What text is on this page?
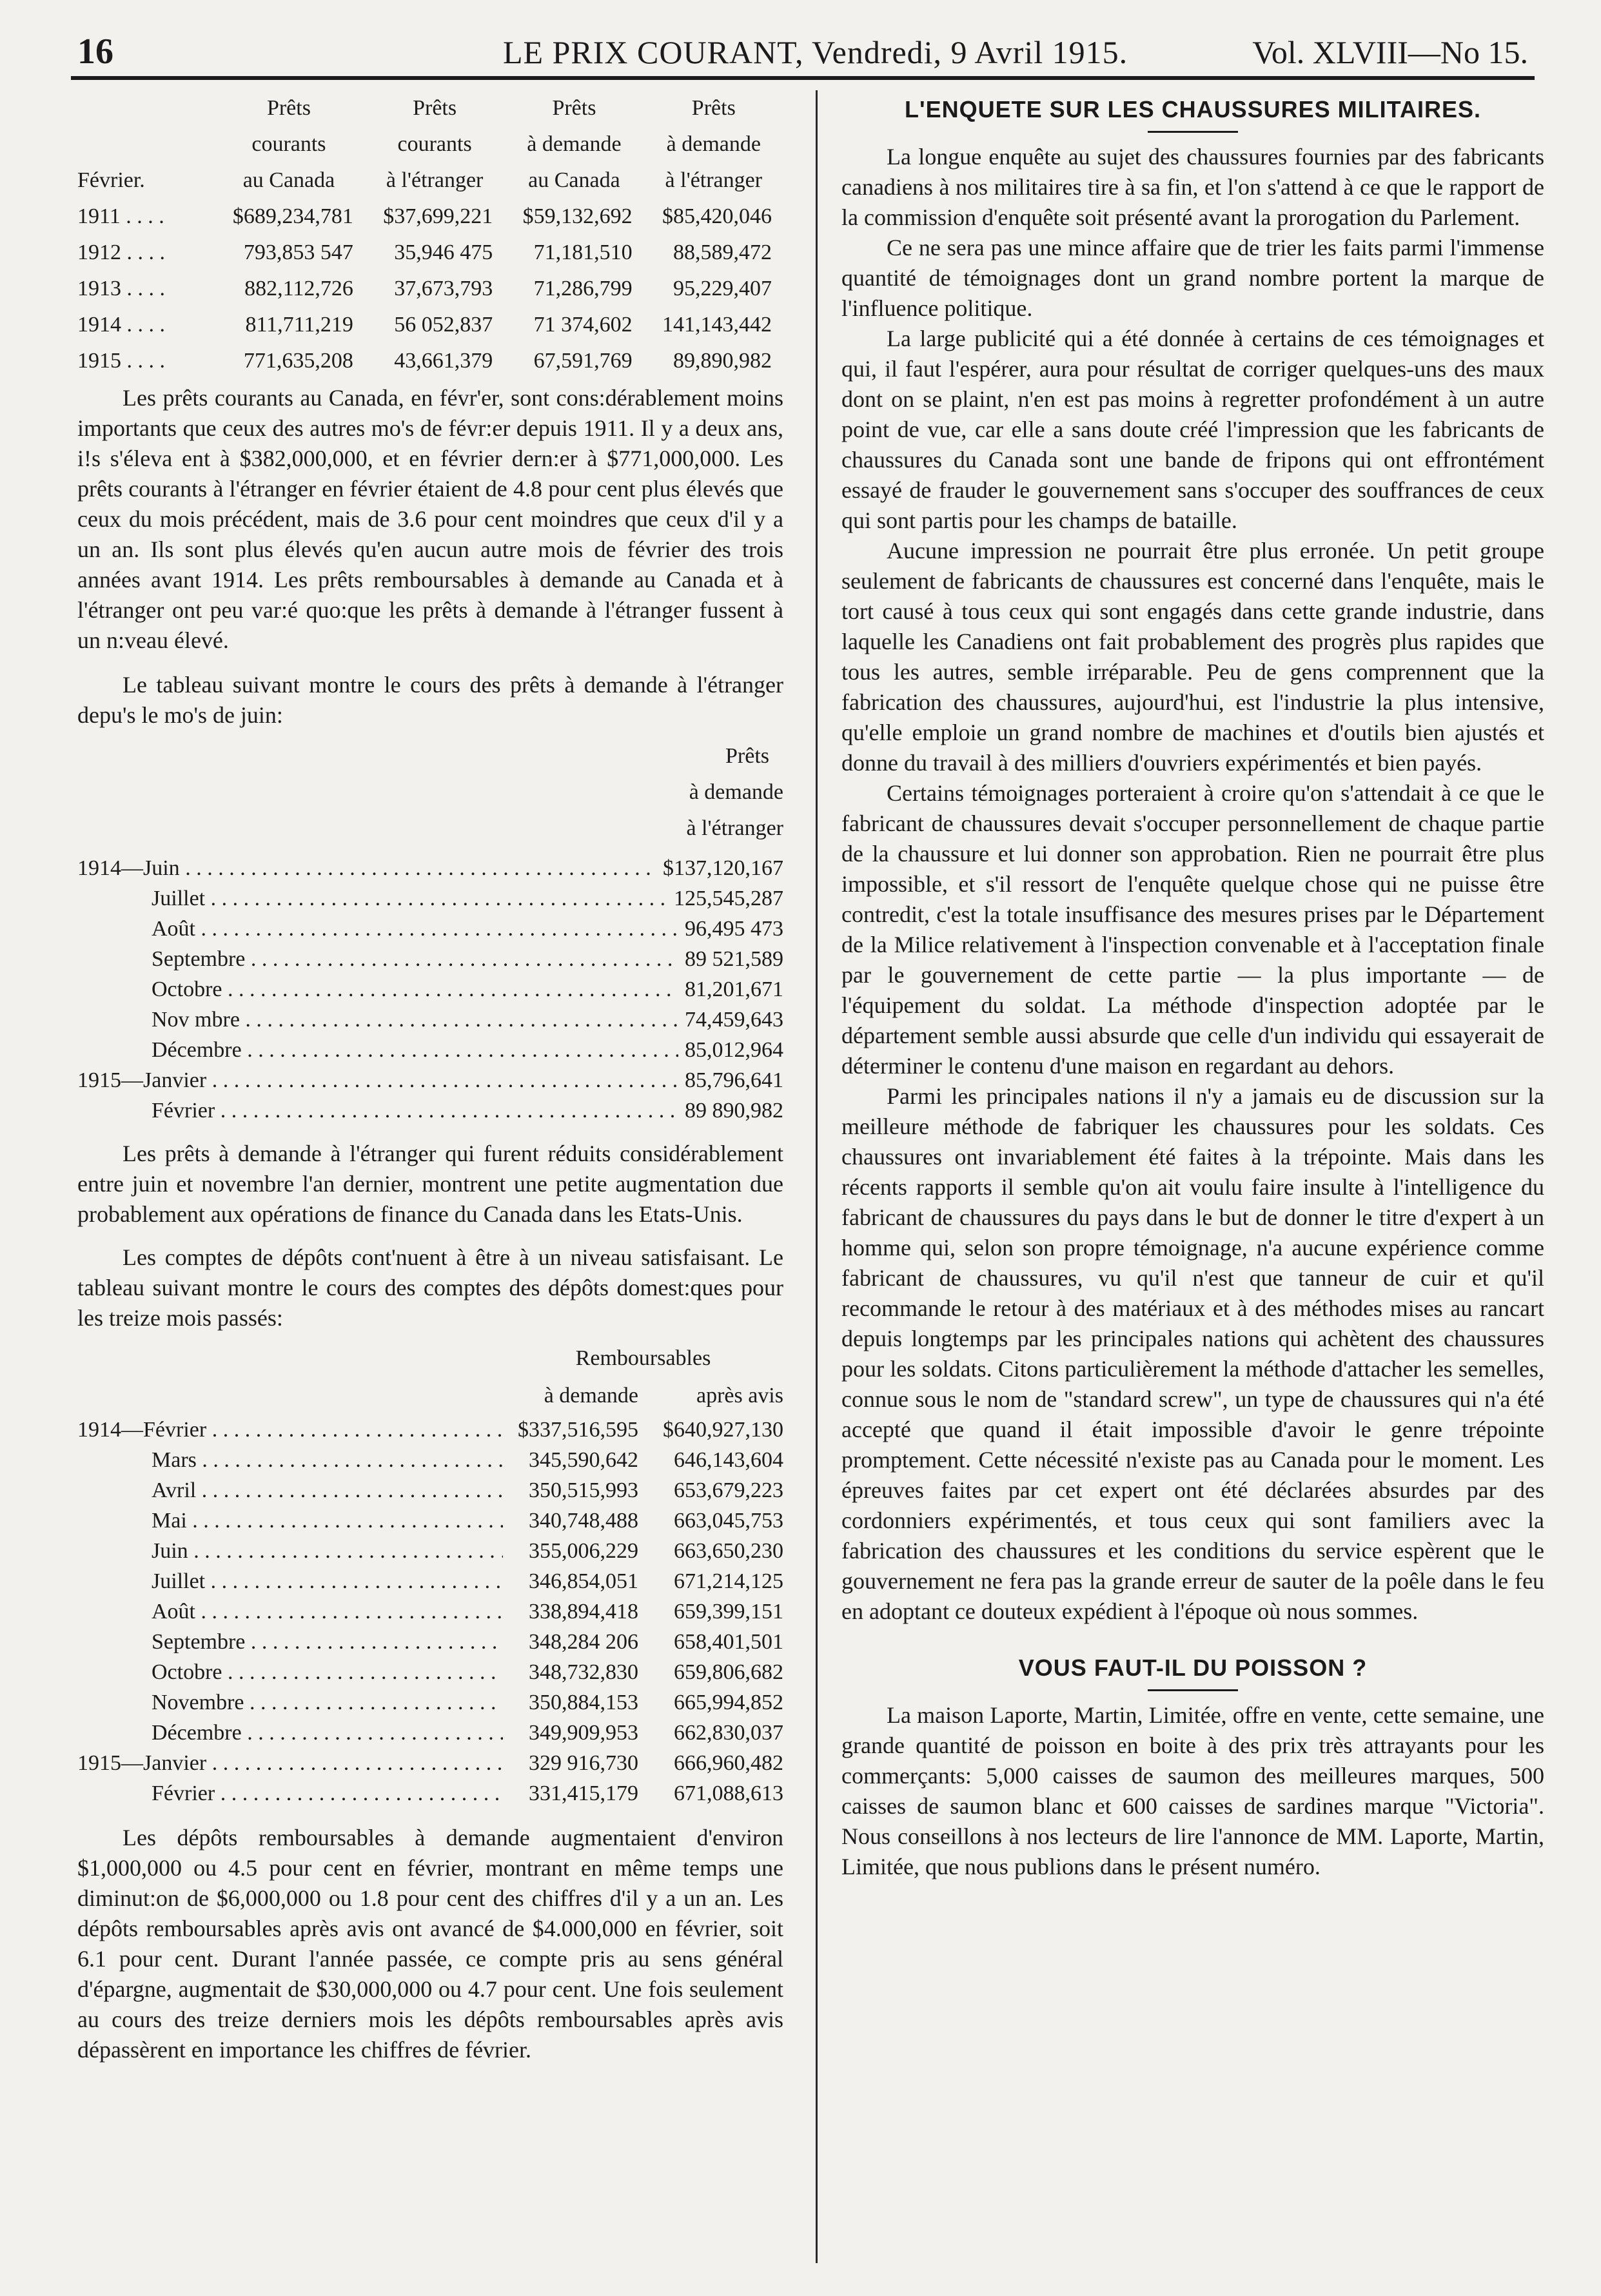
16	LE PRIX COURANT, Vendredi, 9 Avril 1915.	Vol. XLVIII—No 15.
	Prêts	Prêts	Prêts	Prêts
	courants	courants	à demande	à demande
Février.	au Canada	à l'étranger	au Canada	à l'étranger
1911 . . . .	$689,234,781	$37,699,221	$59,132,692	$85,420,046
1912 . . . .	793,853 547	35,946 475	71,181,510	88,589,472
1913 . . . .	882,112,726	37,673,793	71,286,799	95,229,407
1914 . . . .	811,711,219	56 052,837	71 374,602	141,143,442
1915 . . . .	771,635,208	43,661,379	67,591,769	89,890,982

Les prêts courants au Canada, en févr'er, sont cons:dérablement moins importants que ceux des autres mo's de févr:er depuis 1911. Il y a deux ans, i!s s'éleva ent à $382,000,000, et en février dern:er à $771,000,000. Les prêts courants à l'étranger en février étaient de 4.8 pour cent plus élevés que ceux du mois précédent, mais de 3.6 pour cent moindres que ceux d'il y a un an. Ils sont plus élevés qu'en aucun autre mois de février des trois années avant 1914. Les prêts remboursables à demande au Canada et à l'étranger ont peu var:é quo:que les prêts à demande à l'étranger fussent à un n:veau élevé.

Le tableau suivant montre le cours des prêts à demande à l'étranger depu's le mo's de juin:

Prêts
à demande
à l'étranger
1914—Juin . . .	$137,120,167
Juillet . . .	125,545,287
Août . . .	96,495 473
Septembre . . .	89 521,589
Octobre . . .	81,201,671
Nov mbre . . .	74,459,643
Décembre . . .	85,012,964
1915—Janvier . . .	85,796,641
Février . . .	89 890,982

Les prêts à demande à l'étranger qui furent réduits considérablement entre juin et novembre l'an dernier, montrent une petite augmentation due probablement aux opérations de finance du Canada dans les Etats-Unis.

Les comptes de dépôts cont'nuent à être à un niveau satisfaisant. Le tableau suivant montre le cours des comptes des dépôts domest:ques pour les treize mois passés:

Remboursables
à demande	après avis
1914—Février . . .	$337,516,595	$640,927,130
Mars . . .	345,590,642	646,143,604
Avril . . .	350,515,993	653,679,223
Mai . . .	340,748,488	663,045,753
Juin . . .	355,006,229	663,650,230
Juillet . . .	346,854,051	671,214,125
Août . . .	338,894,418	659,399,151
Septembre . . .	348,284 206	658,401,501
Octobre . . .	348,732,830	659,806,682
Novembre . . .	350,884,153	665,994,852
Décembre . . .	349,909,953	662,830,037
1915—Janvier . . .	329 916,730	666,960,482
Février . . .	331,415,179	671,088,613

Les dépôts remboursables à demande augmentaient d'environ $1,000,000 ou 4.5 pour cent en février, montrant en même temps une diminut:on de $6,000,000 ou 1.8 pour cent des chiffres d'il y a un an. Les dépôts remboursables après avis ont avancé de $4.000,000 en février, soit 6.1 pour cent. Durant l'année passée, ce compte pris au sens général d'épargne, augmentait de $30,000,000 ou 4.7 pour cent. Une fois seulement au cours des treize derniers mois les dépôts remboursables après avis dépassèrent en importance les chiffres de février.

L'ENQUETE SUR LES CHAUSSURES MILITAIRES.

La longue enquête au sujet des chaussures fournies par des fabricants canadiens à nos militaires tire à sa fin, et l'on s'attend à ce que le rapport de la commission d'enquête soit présenté avant la prorogation du Parlement.

Ce ne sera pas une mince affaire que de trier les faits parmi l'immense quantité de témoignages dont un grand nombre portent la marque de l'influence politique.

La large publicité qui a été donnée à certains de ces témoignages et qui, il faut l'espérer, aura pour résultat de corriger quelques-uns des maux dont on se plaint, n'en est pas moins à regretter profondément à un autre point de vue, car elle a sans doute créé l'impression que les fabricants de chaussures du Canada sont une bande de fripons qui ont effrontément essayé de frauder le gouvernement sans s'occuper des souffrances de ceux qui sont partis pour les champs de bataille.

Aucune impression ne pourrait être plus erronée. Un petit groupe seulement de fabricants de chaussures est concerné dans l'enquête, mais le tort causé à tous ceux qui sont engagés dans cette grande industrie, dans laquelle les Canadiens ont fait probablement des progrès plus rapides que tous les autres, semble irréparable. Peu de gens comprennent que la fabrication des chaussures, aujourd'hui, est l'industrie la plus intensive, qu'elle emploie un grand nombre de machines et d'outils bien ajustés et donne du travail à des milliers d'ouvriers expérimentés et bien payés.

Certains témoignages porteraient à croire qu'on s'attendait à ce que le fabricant de chaussures devait s'occuper personnellement de chaque partie de la chaussure et lui donner son approbation. Rien ne pourrait être plus impossible, et s'il ressort de l'enquête quelque chose qui ne puisse être contredit, c'est la totale insuffisance des mesures prises par le Département de la Milice relativement à l'inspection convenable et à l'acceptation finale par le gouvernement de cette partie — la plus importante — de l'équipement du soldat. La méthode d'inspection adoptée par le département semble aussi absurde que celle d'un individu qui essayerait de déterminer le contenu d'une maison en regardant au dehors.

Parmi les principales nations il n'y a jamais eu de discussion sur la meilleure méthode de fabriquer les chaussures pour les soldats. Ces chaussures ont invariablement été faites à la trépointe. Mais dans les récents rapports il semble qu'on ait voulu faire insulte à l'intelligence du fabricant de chaussures du pays dans le but de donner le titre d'expert à un homme qui, selon son propre témoignage, n'a aucune expérience comme fabricant de chaussures, vu qu'il n'est que tanneur de cuir et qu'il recommande le retour à des matériaux et à des méthodes mises au rancart depuis longtemps par les principales nations qui achètent des chaussures pour les soldats. Citons particulièrement la méthode d'attacher les semelles, connue sous le nom de "standard screw", un type de chaussures qui n'a été accepté que quand il était impossible d'avoir le genre trépointe promptement. Cette nécessité n'existe pas au Canada pour le moment. Les épreuves faites par cet expert ont été déclarées absurdes par des cordonniers expérimentés, et tous ceux qui sont familiers avec la fabrication des chaussures et les conditions du service espèrent que le gouvernement ne fera pas la grande erreur de sauter de la poêle dans le feu en adoptant ce douteux expédient à l'époque où nous sommes.

VOUS FAUT-IL DU POISSON ?

La maison Laporte, Martin, Limitée, offre en vente, cette semaine, une grande quantité de poisson en boite à des prix très attrayants pour les commerçants: 5,000 caisses de saumon des meilleures marques, 500 caisses de saumon blanc et 600 caisses de sardines marque "Victoria". Nous conseillons à nos lecteurs de lire l'annonce de MM. Laporte, Martin, Limitée, que nous publions dans le présent numéro.
